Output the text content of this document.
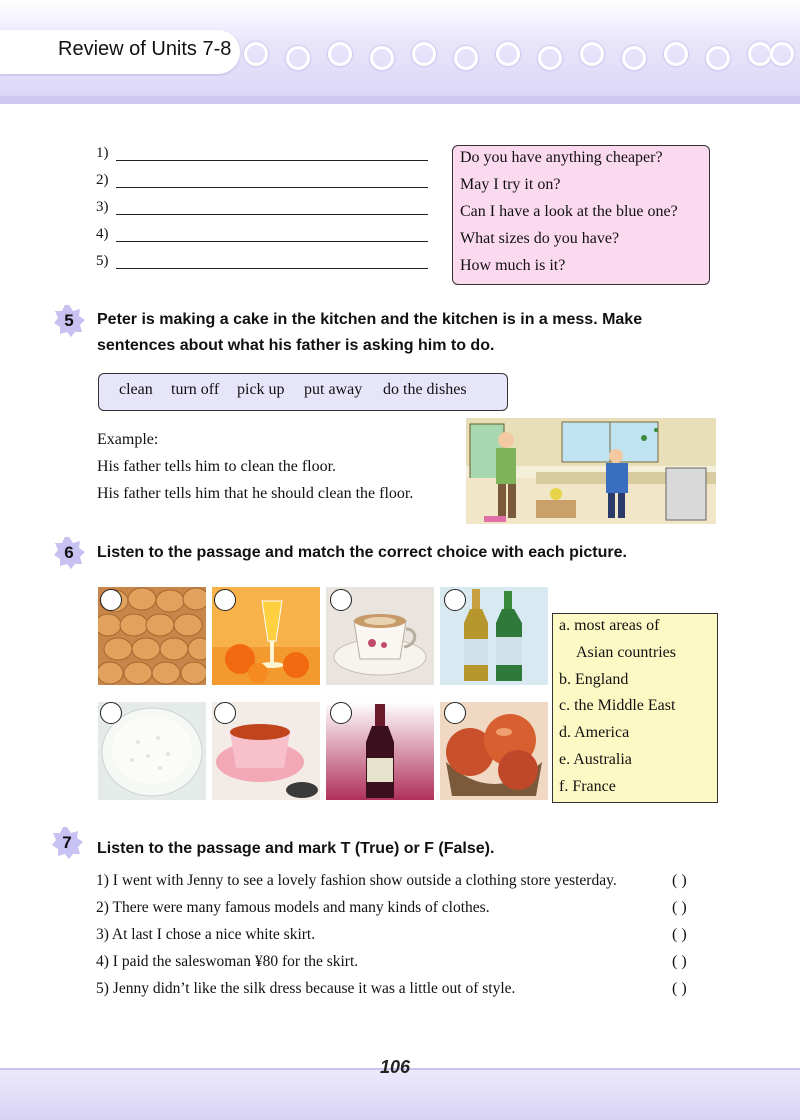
Review of Units 7-8
1)
2)
3)
4)
5)
Do you have anything cheaper?
May I try it on?
Can I have a look at the blue one?
What sizes do you have?
How much is it?
5	Peter is making a cake in the kitchen and the kitchen is in a mess. Make
sentences about what his father is asking him to do.
clean turn off pick up put away do the dishes
Example:
His father tells him to clean the floor.
His father tells him that he should clean the floor.
6	Listen to the passage and match the correct choice with each picture.
a. most areas of
Asian countries
b. England
c. the Middle East
d. America
e. Australia
f. France
7	Listen to the passage and mark T (True) or F (False).
1) I went with Jenny to see a lovely fashion show outside a clothing store yesterday.	( )
2) There were many famous models and many kinds of clothes.	( )
3) At last I chose a nice white skirt.	( )
4) I paid the saleswoman ¥80 for the skirt.	( )
5) Jenny didn’t like the silk dress because it was a little out of style.	( )
106
